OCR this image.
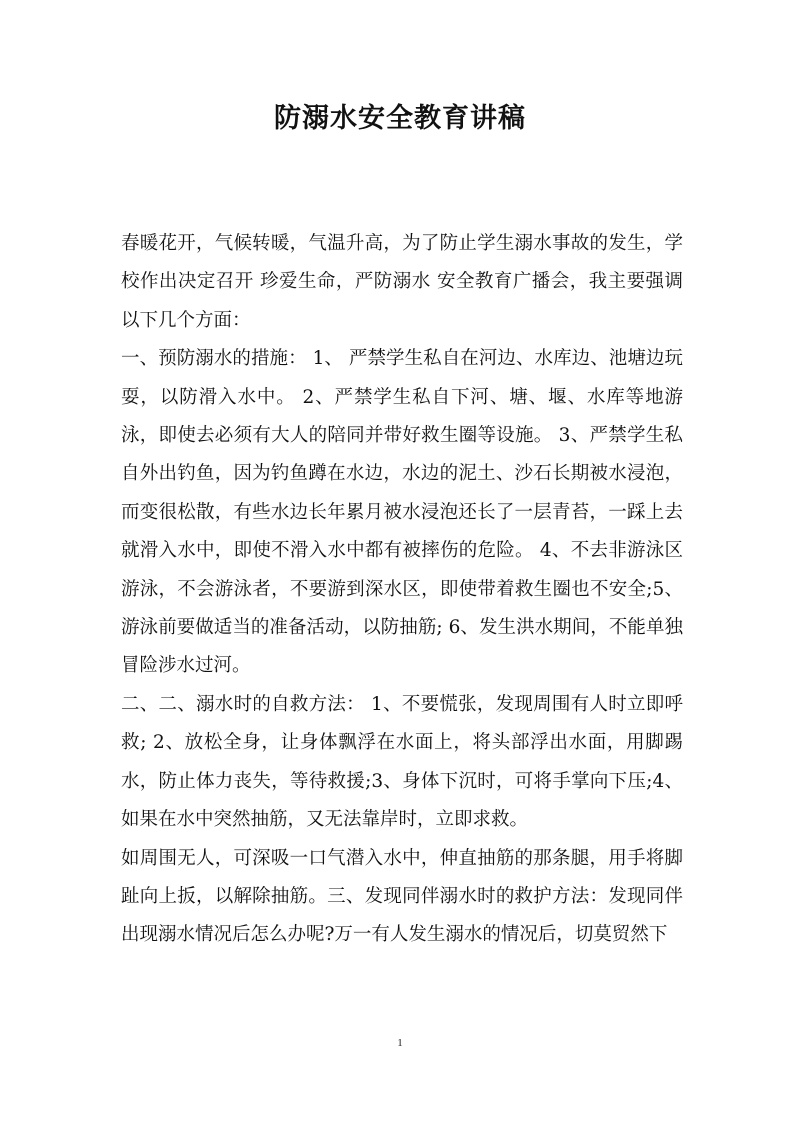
防溺水安全教育讲稿

春暖花开，气候转暖，气温升高，为了防止学生溺水事故的发生，学校作出决定召开 珍爱生命，严防溺水 安全教育广播会，我主要强调以下几个方面：

一、预防溺水的措施： 1、 严禁学生私自在河边、水库边、池塘边玩耍，以防滑入水中。 2、严禁学生私自下河、塘、堰、水库等地游泳，即使去必须有大人的陪同并带好救生圈等设施。 3、严禁学生私自外出钓鱼，因为钓鱼蹲在水边，水边的泥土、沙石长期被水浸泡，而变很松散，有些水边长年累月被水浸泡还长了一层青苔，一踩上去就滑入水中，即使不滑入水中都有被摔伤的危险。 4、不去非游泳区游泳，不会游泳者，不要游到深水区，即使带着救生圈也不安全;5、游泳前要做适当的准备活动，以防抽筋; 6、发生洪水期间，不能单独冒险涉水过河。

二、二、溺水时的自救方法： 1、不要慌张，发现周围有人时立即呼救; 2、放松全身，让身体飘浮在水面上，将头部浮出水面，用脚踢水，防止体力丧失，等待救援;3、身体下沉时，可将手掌向下压;4、如果在水中突然抽筋，又无法靠岸时，立即求救。

如周围无人，可深吸一口气潜入水中，伸直抽筋的那条腿，用手将脚趾向上扳，以解除抽筋。三、发现同伴溺水时的救护方法：发现同伴出现溺水情况后怎么办呢?万一有人发生溺水的情况后，切莫贸然下

1
